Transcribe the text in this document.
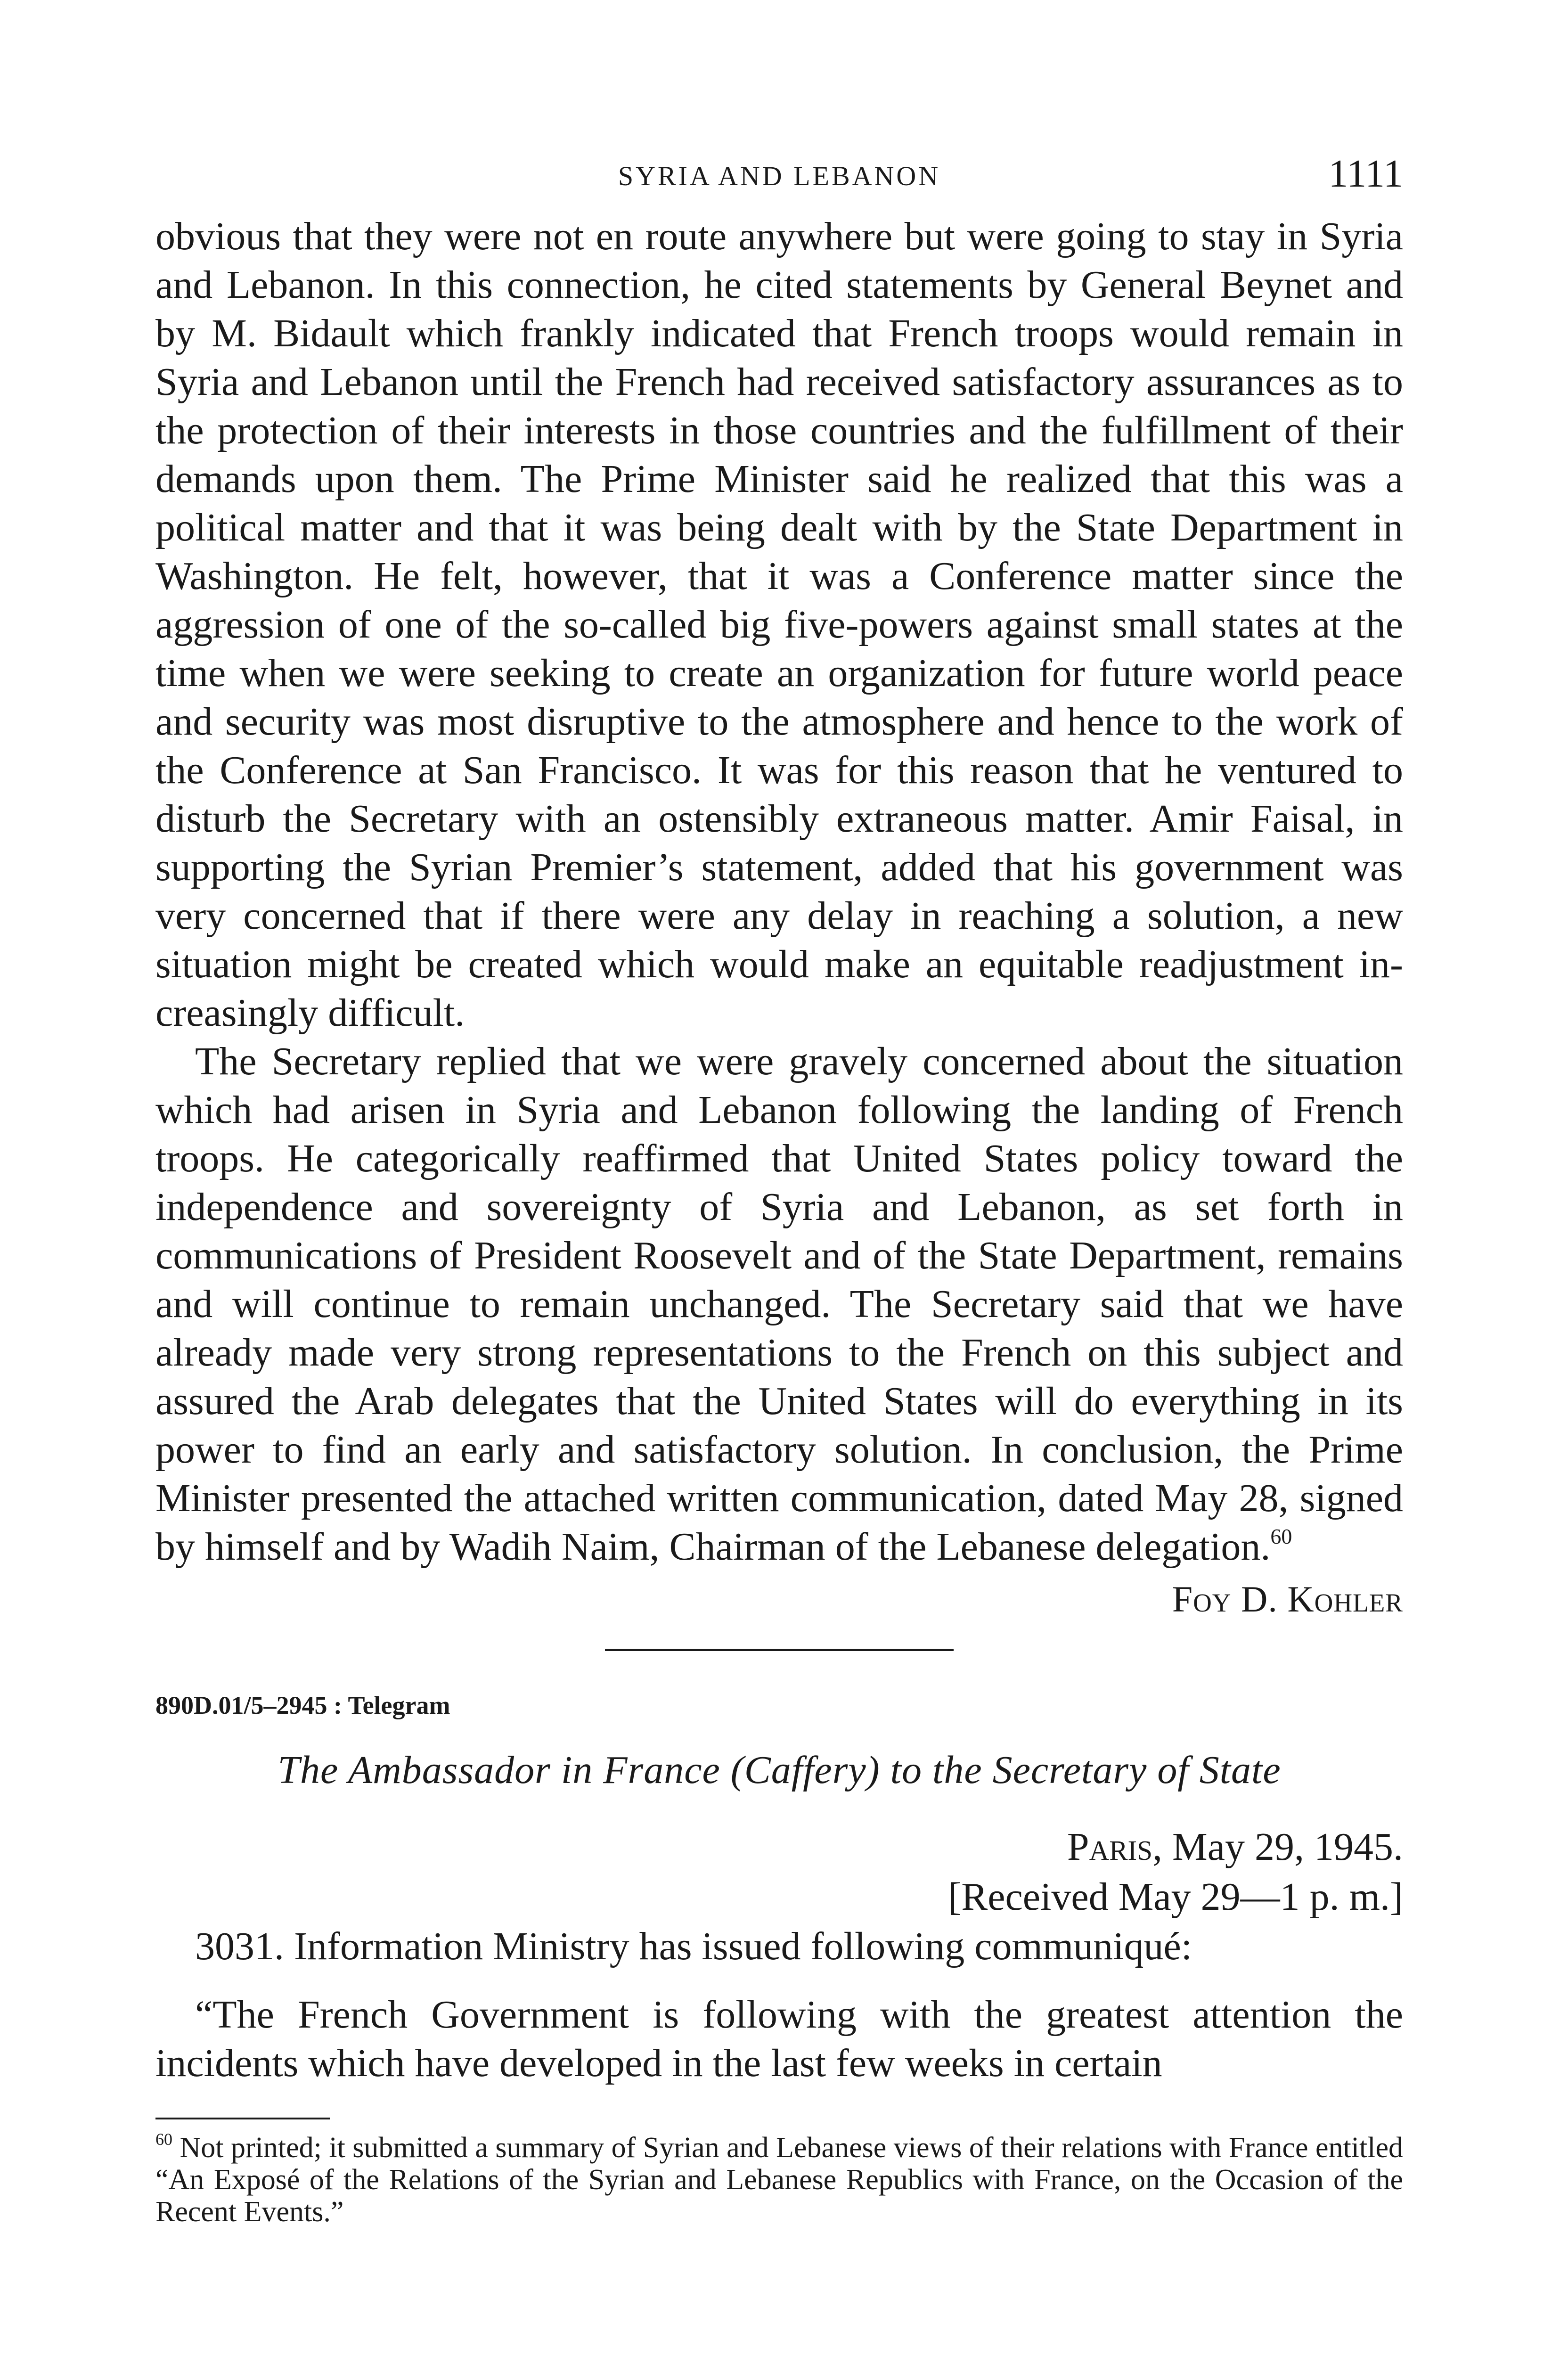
SYRIA AND LEBANON	1111

obvious that they were not en route anywhere but were going to stay in Syria and Lebanon. In this connection, he cited statements by General Beynet and by M. Bidault which frankly indicated that French troops would remain in Syria and Lebanon until the French had received satisfactory assurances as to the protection of their interests in those countries and the fulfillment of their demands upon them. The Prime Minister said he realized that this was a political matter and that it was being dealt with by the State Department in Washington. He felt, however, that it was a Conference matter since the aggression of one of the so-called big five-powers against small states at the time when we were seeking to create an organization for future world peace and security was most disruptive to the atmosphere and hence to the work of the Conference at San Francisco. It was for this reason that he ventured to disturb the Secretary with an ostensibly extraneous matter. Amir Faisal, in supporting the Syrian Premier’s statement, added that his government was very concerned that if there were any delay in reaching a solution, a new situation might be created which would make an equitable readjustment increasingly difficult.

The Secretary replied that we were gravely concerned about the situation which had arisen in Syria and Lebanon following the landing of French troops. He categorically reaffirmed that United States policy toward the independence and sovereignty of Syria and Lebanon, as set forth in communications of President Roosevelt and of the State Department, remains and will continue to remain unchanged. The Secretary said that we have already made very strong representations to the French on this subject and assured the Arab delegates that the United States will do everything in its power to find an early and satisfactory solution. In conclusion, the Prime Minister presented the attached written communication, dated May 28, signed by himself and by Wadih Naim, Chairman of the Lebanese delegation.$^{60}$

Foy D. Kohler
890D.01/5–2945 : Telegram
The Ambassador in France (Caffery) to the Secretary of State
Paris, May 29, 1945.
[Received May 29—1 p. m.]

3031. Information Ministry has issued following communiqué:

“The French Government is following with the greatest attention the incidents which have developed in the last few weeks in certain

$^{60}$ Not printed; it submitted a summary of Syrian and Lebanese views of their relations with France entitled “An Exposé of the Relations of the Syrian and Lebanese Republics with France, on the Occasion of the Recent Events.”
